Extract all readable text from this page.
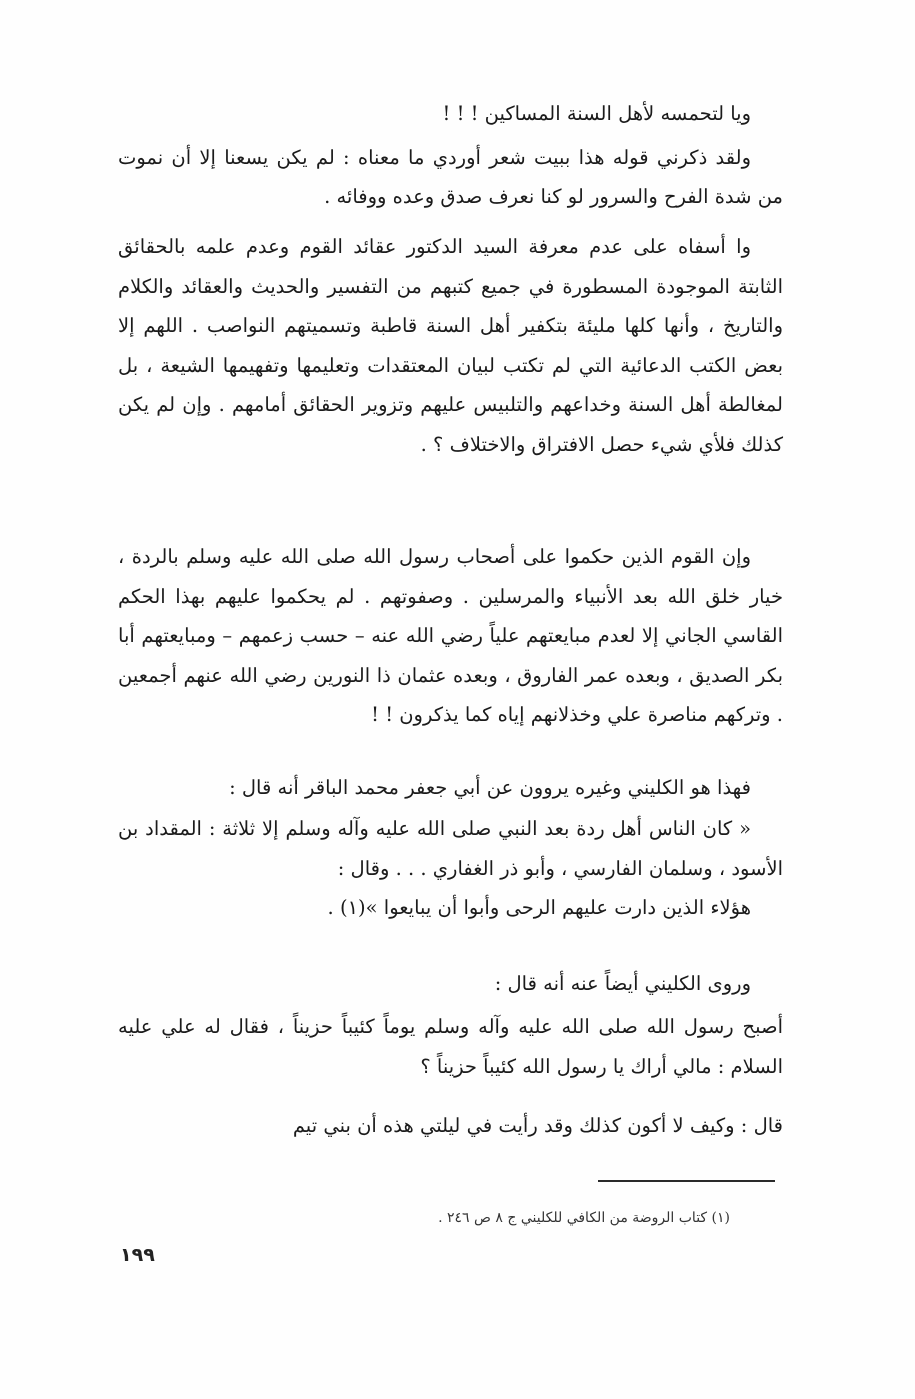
ويا لتحمسه لأهل السنة المساكين ! ! !

ولقد ذكرني قوله هذا ببيت شعر أوردي ما معناه : لم يكن يسعنا إلا أن نموت من شدة الفرح والسرور لو كنا نعرف صدق وعده ووفائه .

وا أسفاه على عدم معرفة السيد الدكتور عقائد القوم وعدم علمه بالحقائق الثابتة الموجودة المسطورة في جميع كتبهم من التفسير والحديث والعقائد والكلام والتاريخ ، وأنها كلها مليئة بتكفير أهل السنة قاطبة وتسميتهم النواصب . اللهم إلا بعض الكتب الدعائية التي لم تكتب لبيان المعتقدات وتعليمها وتفهيمها الشيعة ، بل لمغالطة أهل السنة وخداعهم والتلبيس عليهم وتزوير الحقائق أمامهم . وإن لم يكن كذلك فلأي شيء حصل الافتراق والاختلاف ؟ .

وإن القوم الذين حكموا على أصحاب رسول الله صلى الله عليه وسلم بالردة ، خيار خلق الله بعد الأنبياء والمرسلين . وصفوتهم . لم يحكموا عليهم بهذا الحكم القاسي الجاني إلا لعدم مبايعتهم علياً رضي الله عنه – حسب زعمهم – ومبايعتهم أبا بكر الصديق ، وبعده عمر الفاروق ، وبعده عثمان ذا النورين رضي الله عنهم أجمعين . وتركهم مناصرة علي وخذلانهم إياه كما يذكرون ! !

فهذا هو الكليني وغيره يروون عن أبي جعفر محمد الباقر أنه قال :

« كان الناس أهل ردة بعد النبي صلى الله عليه وآله وسلم إلا ثلاثة : المقداد بن الأسود ، وسلمان الفارسي ، وأبو ذر الغفاري . . . وقال :

هؤلاء الذين دارت عليهم الرحى وأبوا أن يبايعوا »(١) .

وروى الكليني أيضاً عنه أنه قال :

أصبح رسول الله صلى الله عليه وآله وسلم يوماً كئيباً حزيناً ، فقال له علي عليه السلام : مالي أراك يا رسول الله كئيباً حزيناً ؟

قال : وكيف لا أكون كذلك وقد رأيت في ليلتي هذه أن بني تيم

(١) كتاب الروضة من الكافي للكليني ج ٨ ص ٢٤٦ .
١٩٩
